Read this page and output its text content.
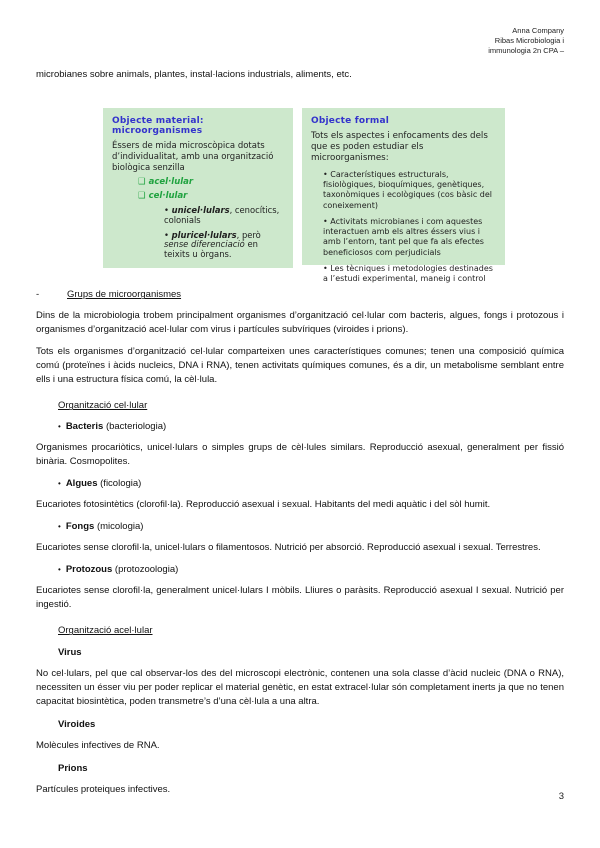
Anna Company
Ribas Microbiologia i
immunologia 2n CPA –
microbianes sobre animals, plantes, instal·lacions industrials, aliments, etc.
Objecte material: microorganismes
Éssers de mida microscòpica dotats d’individualitat, amb una organització biològica senzilla
❑ acel·lular
❑ cel·lular
• unicel·lulars, cenocítics, colonials
• pluricel·lulars, però sense diferenciació en teixits u òrgans.
Objecte formal
Tots els aspectes i enfocaments des dels que es poden estudiar els microorganismes:
• Característiques estructurals, fisiològiques, bioquímiques, genètiques, taxonòmiques i ecològiques (cos bàsic del coneixement)
• Activitats microbianes i com aquestes interactuen amb els altres éssers vius i amb l’entorn, tant pel que fa als efectes beneficiosos com perjudicials
• Les tècniques i metodologies destinades a l’estudi experimental, maneig i control
-	Grups de microorganismes
Dins de la microbiologia trobem principalment organismes d’organització cel·lular com bacteris, algues, fongs i protozous i organismes d’organització acel·lular com virus i partícules subvíriques (viroides i prions).
Tots els organismes d’organització cel·lular comparteixen unes característiques comunes; tenen una composició química comú (proteïnes i àcids nucleics, DNA i RNA), tenen activitats químiques comunes, és a dir, un metabolisme semblant entre ells i una estructura física comú, la cèl·lula.
Organització cel·lular
• Bacteris (bacteriologia)
Organismes procariòtics, unicel·lulars o simples grups de cèl·lules similars. Reproducció asexual, generalment per fissió binària. Cosmopolites.
• Algues (ficologia)
Eucariotes fotosintètics (clorofil·la). Reproducció asexual i sexual. Habitants del medi aquàtic i del sòl humit.
• Fongs (micologia)
Eucariotes sense clorofil·la, unicel·lulars o filamentosos. Nutrició per absorció. Reproducció asexual i sexual. Terrestres.
• Protozous (protozoologia)
Eucariotes sense clorofil·la, generalment unicel·lulars I mòbils. Lliures o paràsits. Reproducció asexual I sexual. Nutrició per ingestió.
Organització acel·lular
Virus
No cel·lulars, pel que cal observar-los des del microscopi electrònic, contenen una sola classe d’àcid nucleic (DNA o RNA), necessiten un ésser viu per poder replicar el material genètic, en estat extracel·lular són completament inerts ja que no tenen capacitat biosintètica, poden transmetre’s d’una cèl·lula a una altra.
Viroides
Molècules infectives de RNA.
Prions
Partícules proteiques infectives.
3
